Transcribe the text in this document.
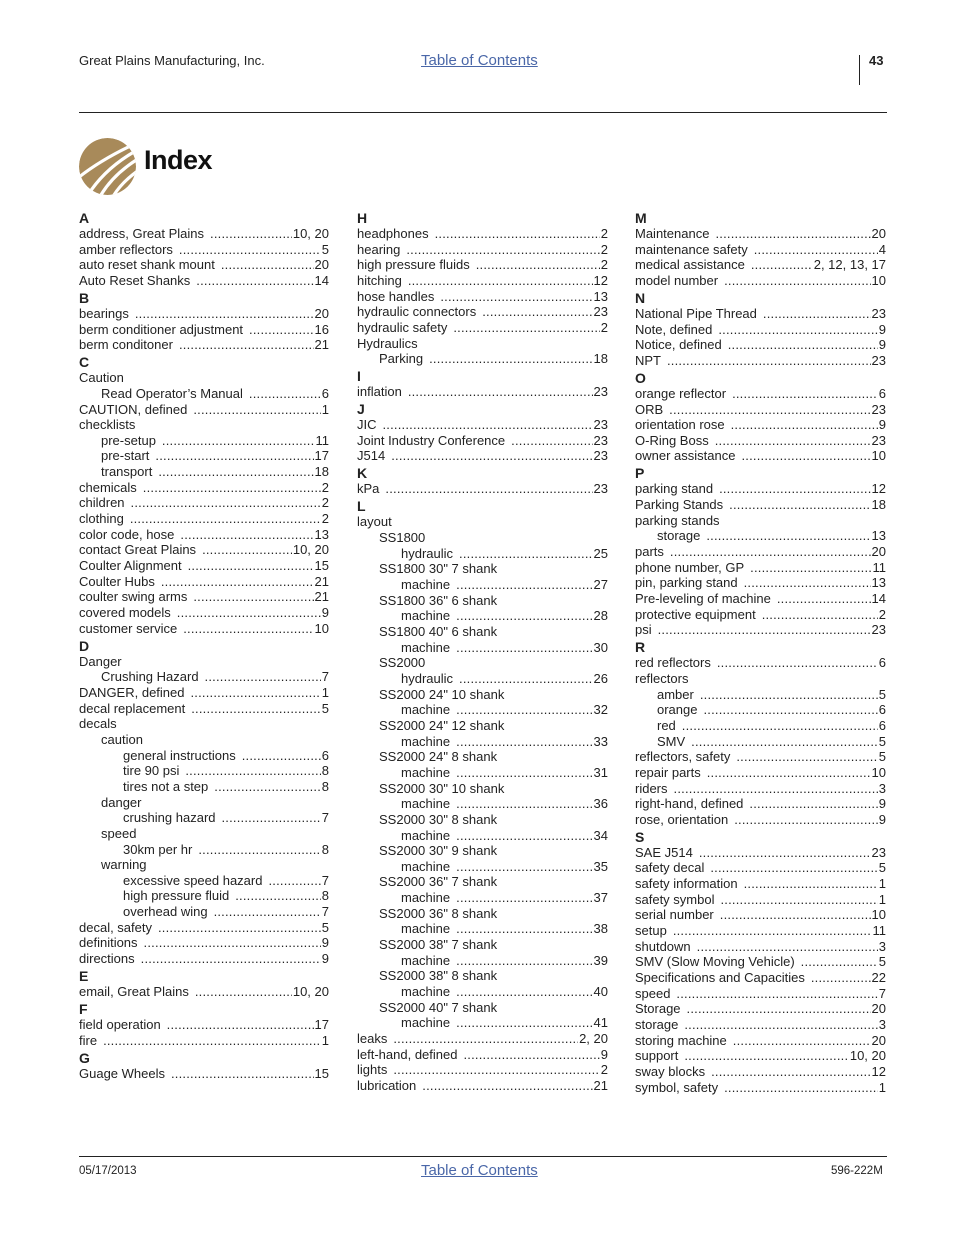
Great Plains Manufacturing, Inc.	Table of Contents	43
Index
A
address, Great Plains .....	10, 20
amber reflectors .....	5
auto reset shank mount .....	20
Auto Reset Shanks .....	14
B
bearings .....	20
berm conditioner adjustment .....	16
berm conditoner .....	21
C
Caution
Read Operator’s Manual .....	6
CAUTION, defined .....	1
checklists
pre-setup .....	11
pre-start .....	17
transport .....	18
chemicals .....	2
children .....	2
clothing .....	2
color code, hose .....	13
contact Great Plains .....	10, 20
Coulter Alignment .....	15
Coulter Hubs .....	21
coulter swing arms .....	21
covered models .....	9
customer service .....	10
D
Danger
Crushing Hazard .....	7
DANGER, defined .....	1
decal replacement .....	5
decals
caution
general instructions .....	6
tire 90 psi .....	8
tires not a step .....	8
danger
crushing hazard .....	7
speed
30km per hr .....	8
warning
excessive speed hazard .....	7
high pressure fluid .....	8
overhead wing .....	7
decal, safety .....	5
definitions .....	9
directions .....	9
E
email, Great Plains .....	10, 20
F
field operation .....	17
fire .....	1
G
Guage Wheels .....	15
H
headphones .....	2
hearing .....	2
high pressure fluids .....	2
hitching .....	12
hose handles .....	13
hydraulic connectors .....	23
hydraulic safety .....	2
Hydraulics
Parking .....	18
I
inflation .....	23
J
JIC .....	23
Joint Industry Conference .....	23
J514 .....	23
K
kPa .....	23
L
layout
SS1800
hydraulic .....	25
SS1800 30" 7 shank
machine .....	27
SS1800 36" 6 shank
machine .....	28
SS1800 40" 6 shank
machine .....	30
SS2000
hydraulic .....	26
SS2000 24" 10 shank
machine .....	32
SS2000 24" 12 shank
machine .....	33
SS2000 24" 8 shank
machine .....	31
SS2000 30" 10 shank
machine .....	36
SS2000 30" 8 shank
machine .....	34
SS2000 30" 9 shank
machine .....	35
SS2000 36" 7 shank
machine .....	37
SS2000 36" 8 shank
machine .....	38
SS2000 38" 7 shank
machine .....	39
SS2000 38" 8 shank
machine .....	40
SS2000 40" 7 shank
machine .....	41
leaks .....	2, 20
left-hand, defined .....	9
lights .....	2
lubrication .....	21
M
Maintenance .....	20
maintenance safety .....	4
medical assistance .....	2, 12, 13, 17
model number .....	10
N
National Pipe Thread .....	23
Note, defined .....	9
Notice, defined .....	9
NPT .....	23
O
orange reflector .....	6
ORB .....	23
orientation rose .....	9
O-Ring Boss .....	23
owner assistance .....	10
P
parking stand .....	12
Parking Stands .....	18
parking stands
storage .....	13
parts .....	20
phone number, GP .....	11
pin, parking stand .....	13
Pre-leveling of machine .....	14
protective equipment .....	2
psi .....	23
R
red reflectors .....	6
reflectors
amber .....	5
orange .....	6
red .....	6
SMV .....	5
reflectors, safety .....	5
repair parts .....	10
riders .....	3
right-hand, defined .....	9
rose, orientation .....	9
S
SAE J514 .....	23
safety decal .....	5
safety information .....	1
safety symbol .....	1
serial number .....	10
setup .....	11
shutdown .....	3
SMV (Slow Moving Vehicle) .....	5
Specifications and Capacities .....	22
speed .....	7
Storage .....	20
storage .....	3
storing machine .....	20
support .....	10, 20
sway blocks .....	12
symbol, safety .....	1
05/17/2013	Table of Contents	596-222M
